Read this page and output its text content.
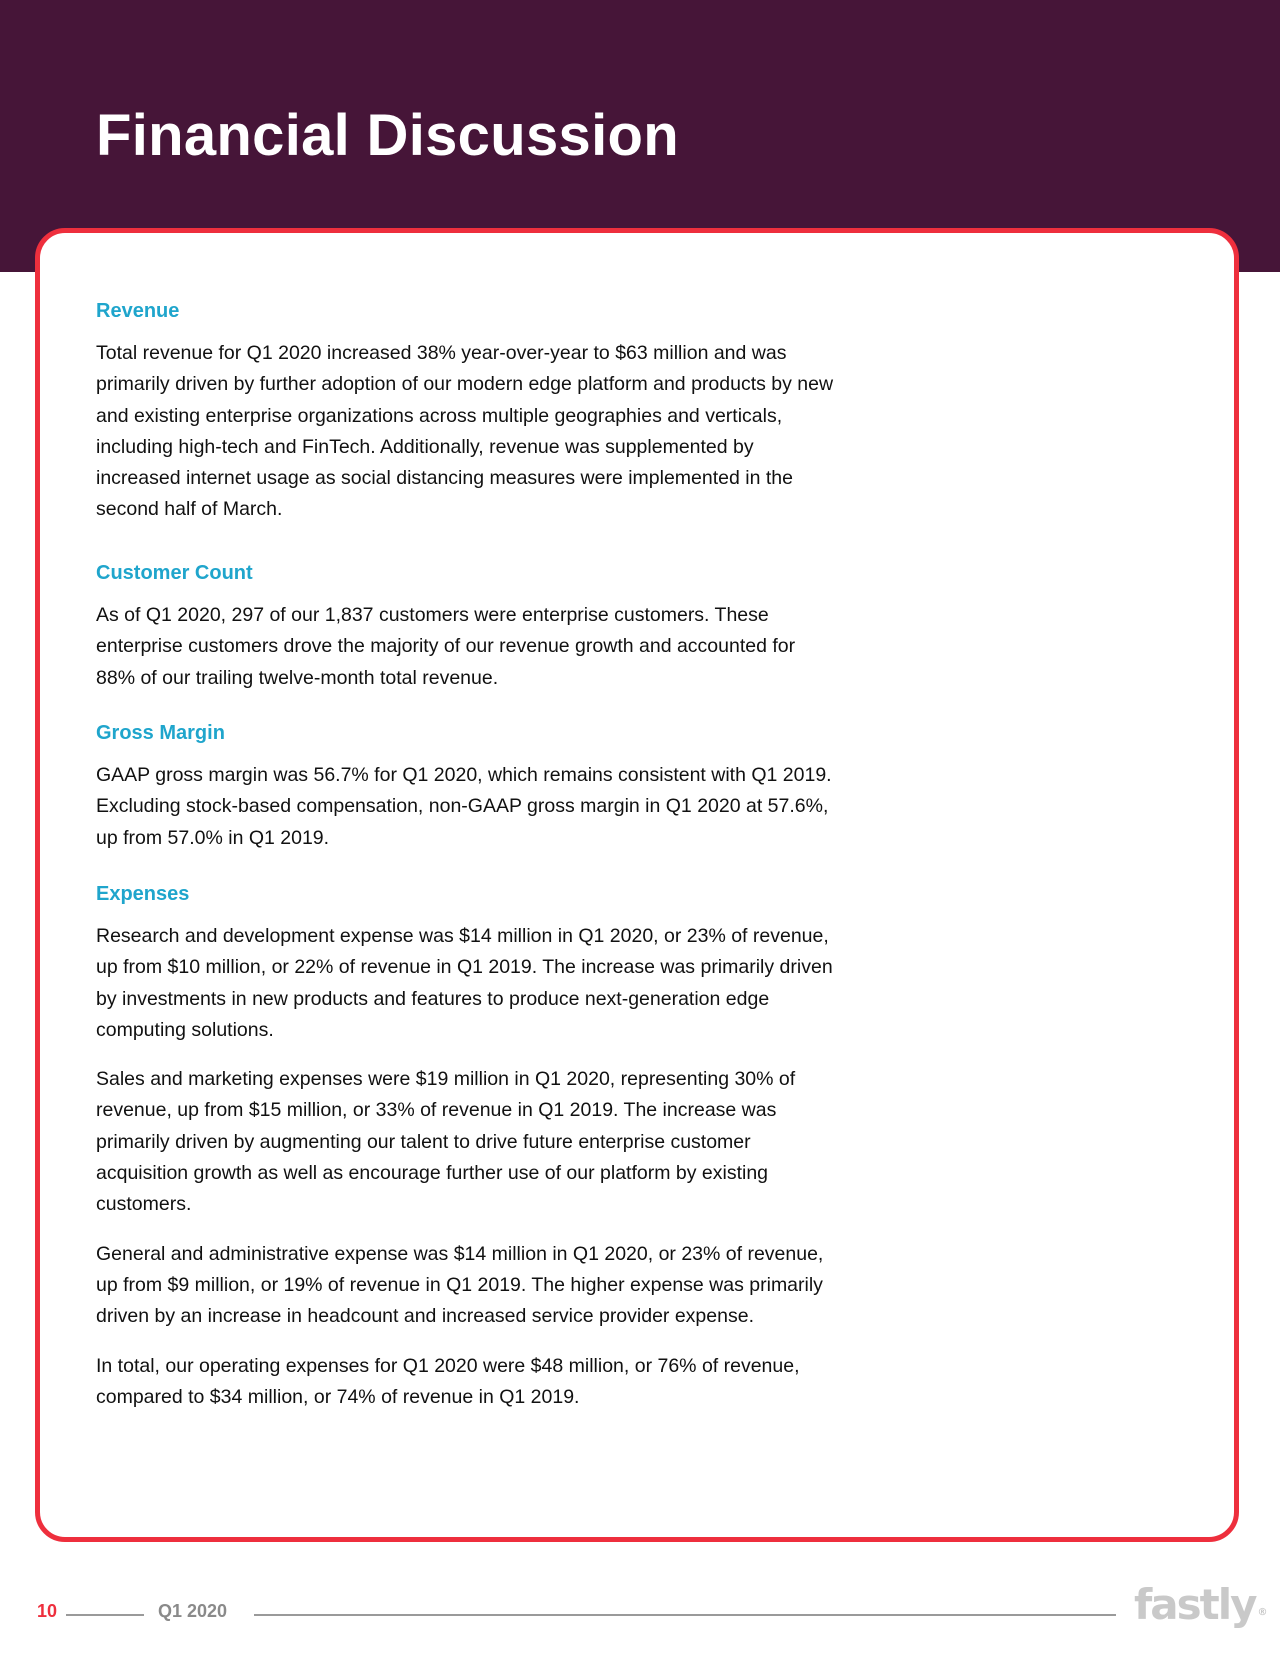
Financial Discussion
Revenue

Total revenue for Q1 2020 increased 38% year-over-year to $63 million and was primarily driven by further adoption of our modern edge platform and products by new and existing enterprise organizations across multiple geographies and verticals, including high-tech and FinTech. Additionally, revenue was supplemented by increased internet usage as social distancing measures were implemented in the second half of March.

Customer Count

As of Q1 2020, 297 of our 1,837 customers were enterprise customers. These enterprise customers drove the majority of our revenue growth and accounted for 88% of our trailing twelve-month total revenue.

Gross Margin

GAAP gross margin was 56.7% for Q1 2020, which remains consistent with Q1 2019. Excluding stock-based compensation, non-GAAP gross margin in Q1 2020 at 57.6%, up from 57.0% in Q1 2019.

Expenses

Research and development expense was $14 million in Q1 2020, or 23% of revenue, up from $10 million, or 22% of revenue in Q1 2019. The increase was primarily driven by investments in new products and features to produce next-generation edge computing solutions.

Sales and marketing expenses were $19 million in Q1 2020, representing 30% of revenue, up from $15 million, or 33% of revenue in Q1 2019. The increase was primarily driven by augmenting our talent to drive future enterprise customer acquisition growth as well as encourage further use of our platform by existing customers.

General and administrative expense was $14 million in Q1 2020, or 23% of revenue, up from $9 million, or 19% of revenue in Q1 2019. The higher expense was primarily driven by an increase in headcount and increased service provider expense.

In total, our operating expenses for Q1 2020 were $48 million, or 76% of revenue, compared to $34 million, or 74% of revenue in Q1 2019.

10	Q1 2020	fastly ®
